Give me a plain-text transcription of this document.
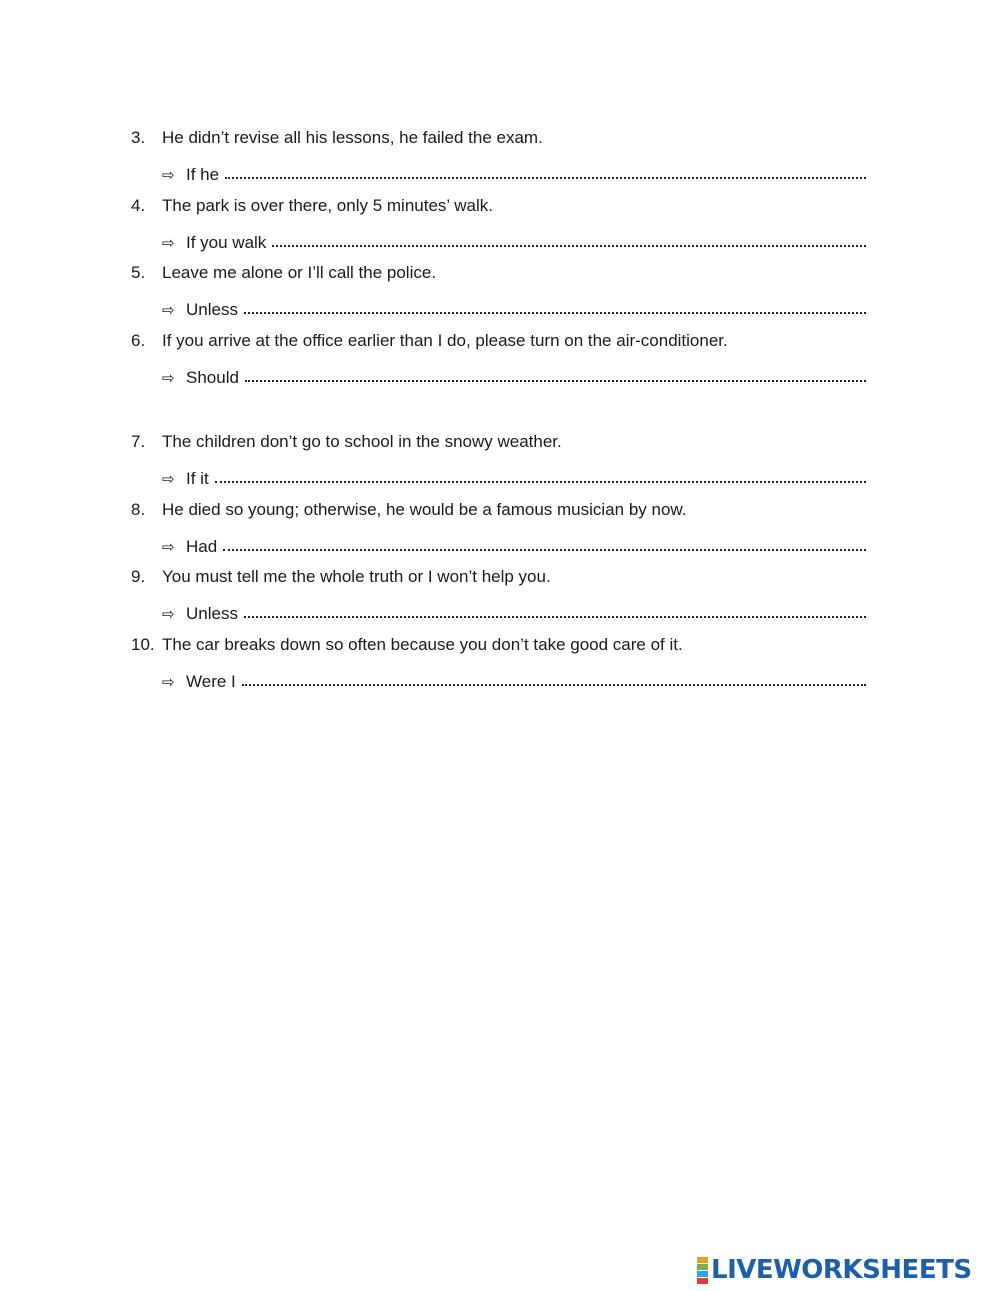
3. He didn’t revise all his lessons, he failed the exam.
⇨ If he
4. The park is over there, only 5 minutes’ walk.
⇨ If you walk
5. Leave me alone or I’ll call the police.
⇨ Unless
6. If you arrive at the office earlier than I do, please turn on the air-conditioner.
⇨ Should
7. The children don’t go to school in the snowy weather.
⇨ If it
8. He died so young; otherwise, he would be a famous musician by now.
⇨ Had
9. You must tell me the whole truth or I won’t help you.
⇨ Unless
10. The car breaks down so often because you don’t take good care of it.
⇨ Were I
LIVEWORKSHEETS
